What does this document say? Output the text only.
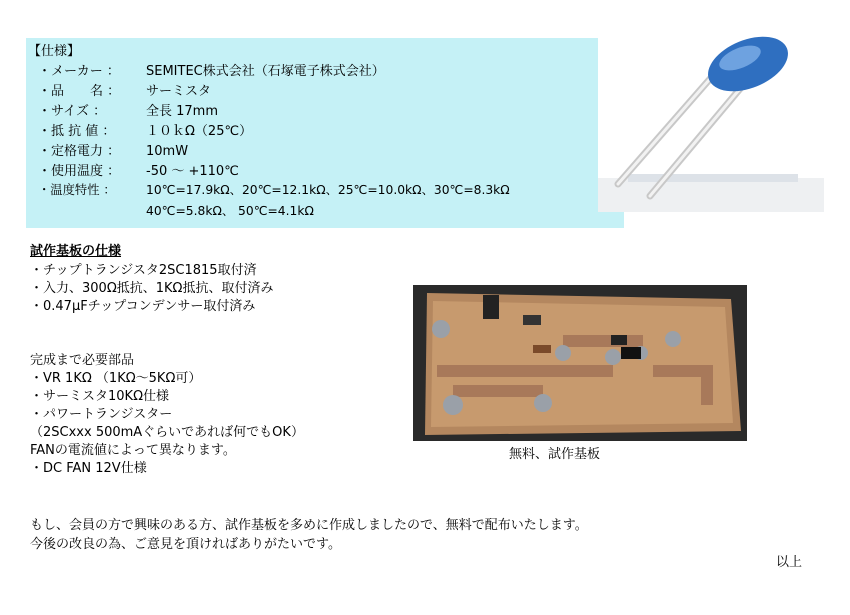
【仕様】
・メーカー ： SEMITEC株式会社（石塚電子株式会社）
・品　　名 ： サーミスタ
・サイズ ：	全長 17mm
・抵 抗 値 ： １０ｋΩ（25℃）
・定格電力 ： 10mW
・使用温度 ： -50 ～ +110℃
・温度特性 ： 10℃=17.9kΩ、20℃=12.1kΩ、25℃=10.0kΩ、30℃=8.3kΩ
40℃=5.8kΩ、 50℃=4.1kΩ
試作基板の仕様
・チップトランジスタ2SC1815取付済
・入力、300Ω抵抗、1KΩ抵抗、取付済み
・0.47μFチップコンデンサー取付済み
完成まで必要部品
・VR 1KΩ （1KΩ～5KΩ可）
・サーミスタ10KΩ仕様
・パワートランジスター
（2SCxxx 500mAぐらいであれば何でもOK）
FANの電流値によって異なります。
・DC FAN 12V仕様
無料、試作基板
もし、会員の方で興味のある方、試作基板を多めに作成しましたので、無料で配布いたします。
今後の改良の為、ご意見を頂ければありがたいです。
以上
